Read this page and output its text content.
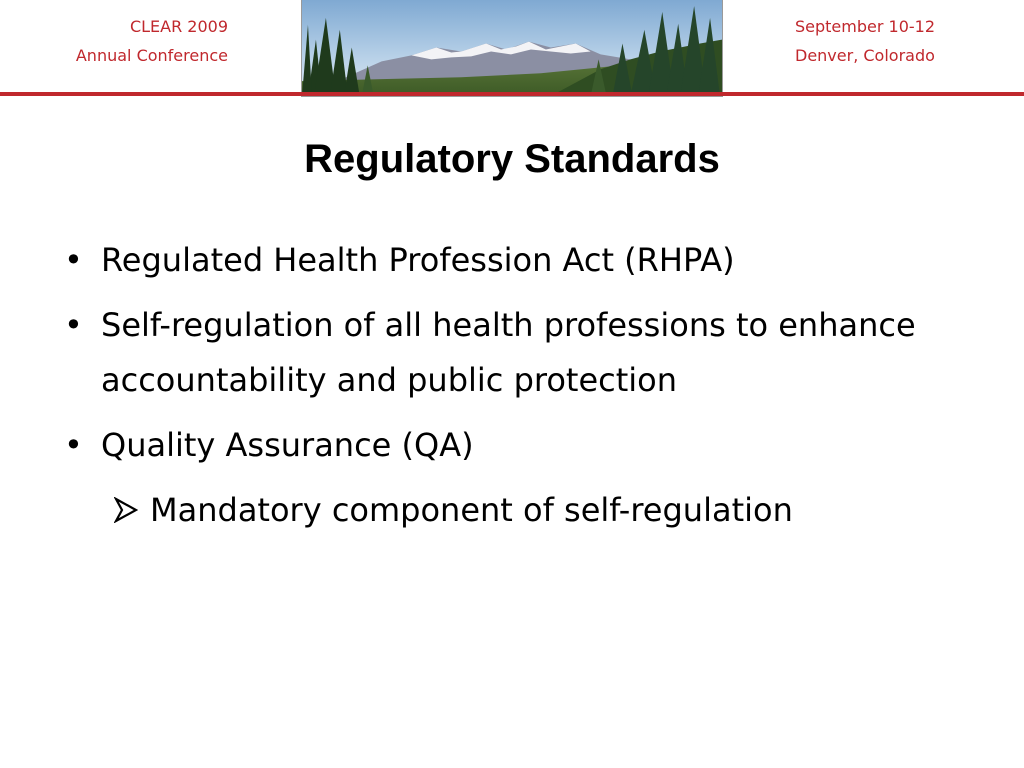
CLEAR 2009
Annual Conference
September 10-12
Denver, Colorado
Regulatory Standards
• Regulated Health Profession Act (RHPA)
• Self-regulation of all health professions to enhance accountability and public protection
• Quality Assurance (QA)
Mandatory component of self-regulation
